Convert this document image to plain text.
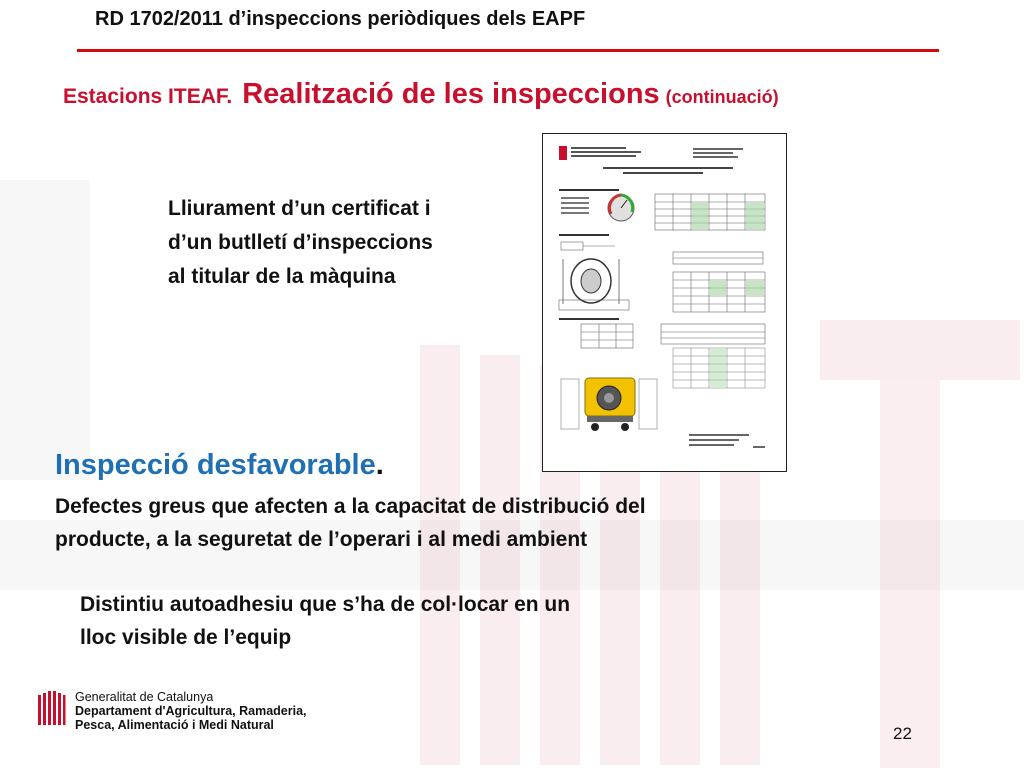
RD 1702/2011 d’inspeccions periòdiques dels EAPF
Estacions ITEAF. Realització de les inspeccions (continuació)
Lliurament d’un certificat i
d’un butlletí d’inspeccions
al titular de la màquina
Inspecció desfavorable.
Defectes greus que afecten a la capacitat de distribució del
producte, a la seguretat de l’operari i al medi ambient
Distintiu autoadhesiu que s’ha de col·locar en un
lloc visible de l’equip
Generalitat de Catalunya
Departament d'Agricultura, Ramaderia,
Pesca, Alimentació i Medi Natural	22
